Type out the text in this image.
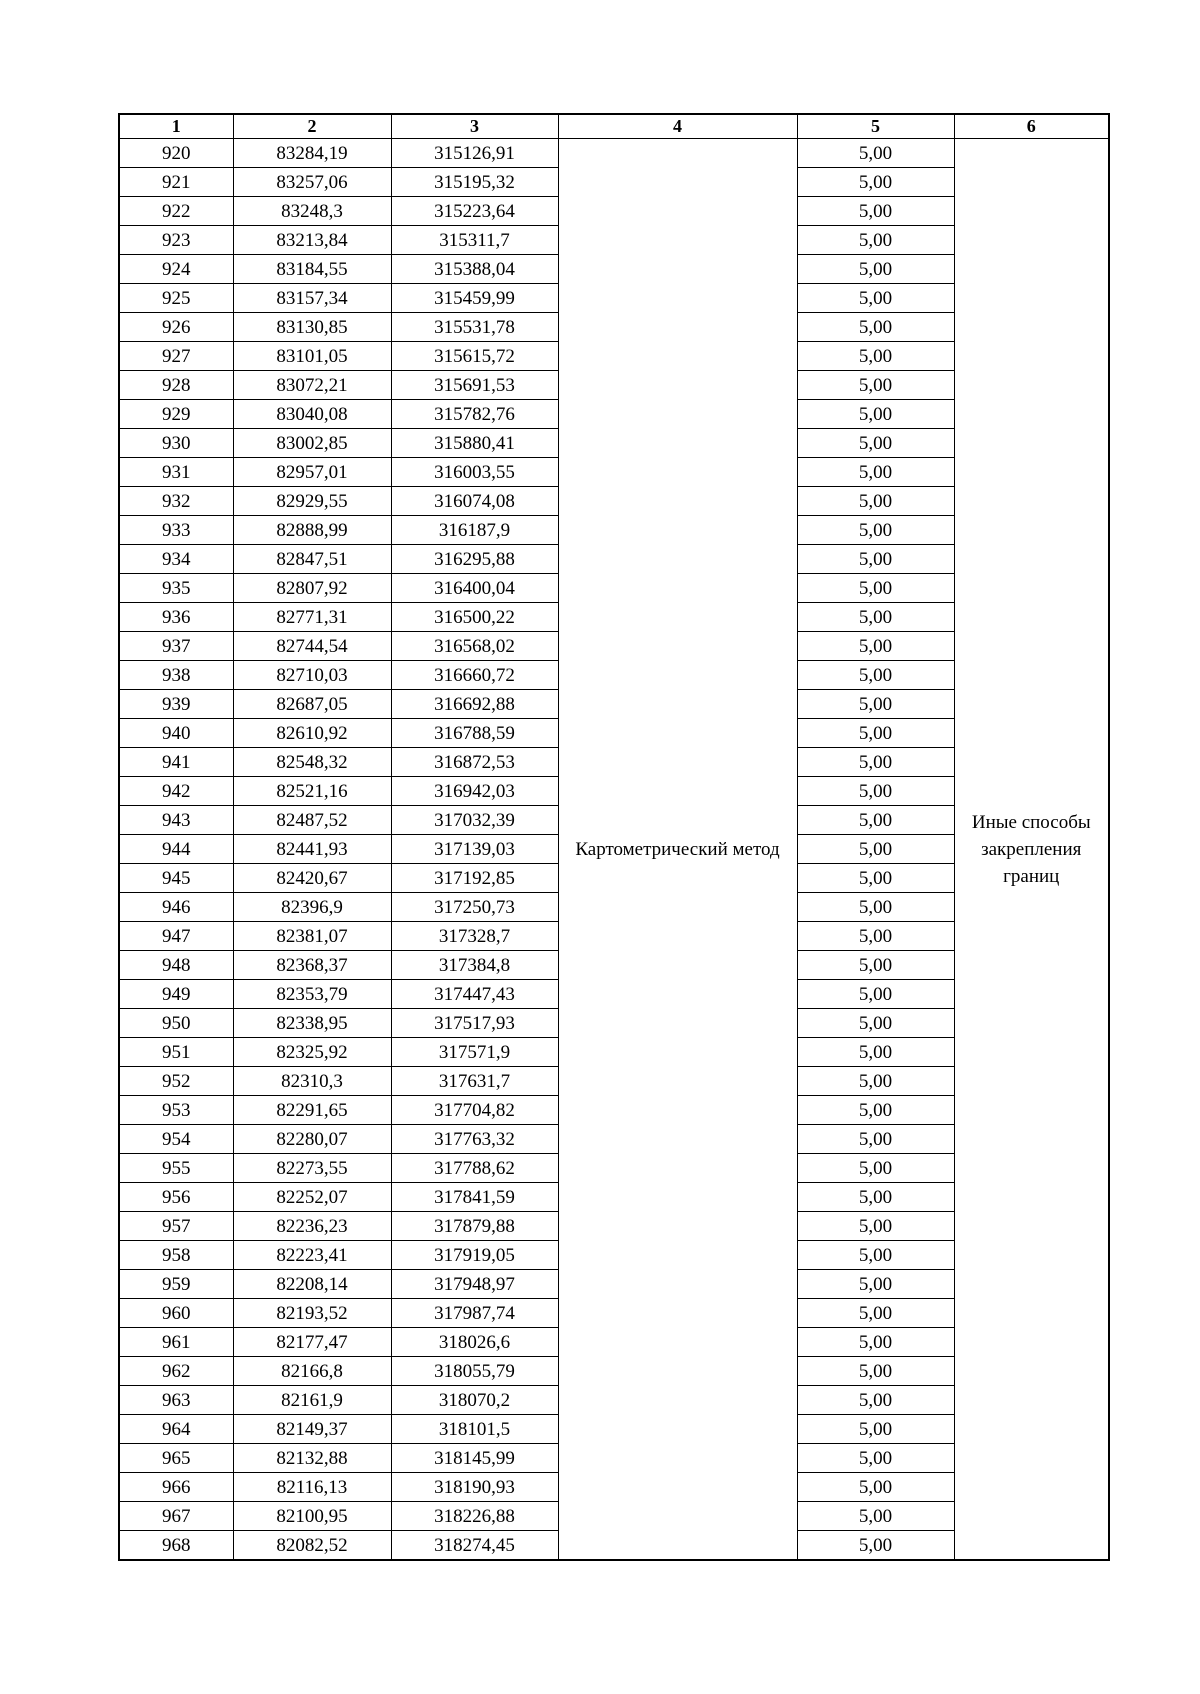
1	2	3	4	5	6
920	83284,19	315126,91	Картометрический метод	5,00	Иные способы закрепления границ
921	83257,06	315195,32		5,00	
922	83248,3	315223,64		5,00	
923	83213,84	315311,7		5,00	
924	83184,55	315388,04		5,00	
925	83157,34	315459,99		5,00	
926	83130,85	315531,78		5,00	
927	83101,05	315615,72		5,00	
928	83072,21	315691,53		5,00	
929	83040,08	315782,76		5,00	
930	83002,85	315880,41		5,00	
931	82957,01	316003,55		5,00	
932	82929,55	316074,08		5,00	
933	82888,99	316187,9		5,00	
934	82847,51	316295,88		5,00	
935	82807,92	316400,04		5,00	
936	82771,31	316500,22		5,00	
937	82744,54	316568,02		5,00	
938	82710,03	316660,72		5,00	
939	82687,05	316692,88		5,00	
940	82610,92	316788,59		5,00	
941	82548,32	316872,53		5,00	
942	82521,16	316942,03		5,00	
943	82487,52	317032,39		5,00	
944	82441,93	317139,03		5,00	
945	82420,67	317192,85		5,00	
946	82396,9	317250,73		5,00	
947	82381,07	317328,7		5,00	
948	82368,37	317384,8		5,00	
949	82353,79	317447,43		5,00	
950	82338,95	317517,93		5,00	
951	82325,92	317571,9		5,00	
952	82310,3	317631,7		5,00	
953	82291,65	317704,82		5,00	
954	82280,07	317763,32		5,00	
955	82273,55	317788,62		5,00	
956	82252,07	317841,59		5,00	
957	82236,23	317879,88		5,00	
958	82223,41	317919,05		5,00	
959	82208,14	317948,97		5,00	
960	82193,52	317987,74		5,00	
961	82177,47	318026,6		5,00	
962	82166,8	318055,79		5,00	
963	82161,9	318070,2		5,00	
964	82149,37	318101,5		5,00	
965	82132,88	318145,99		5,00	
966	82116,13	318190,93		5,00	
967	82100,95	318226,88		5,00	
968	82082,52	318274,45		5,00	
